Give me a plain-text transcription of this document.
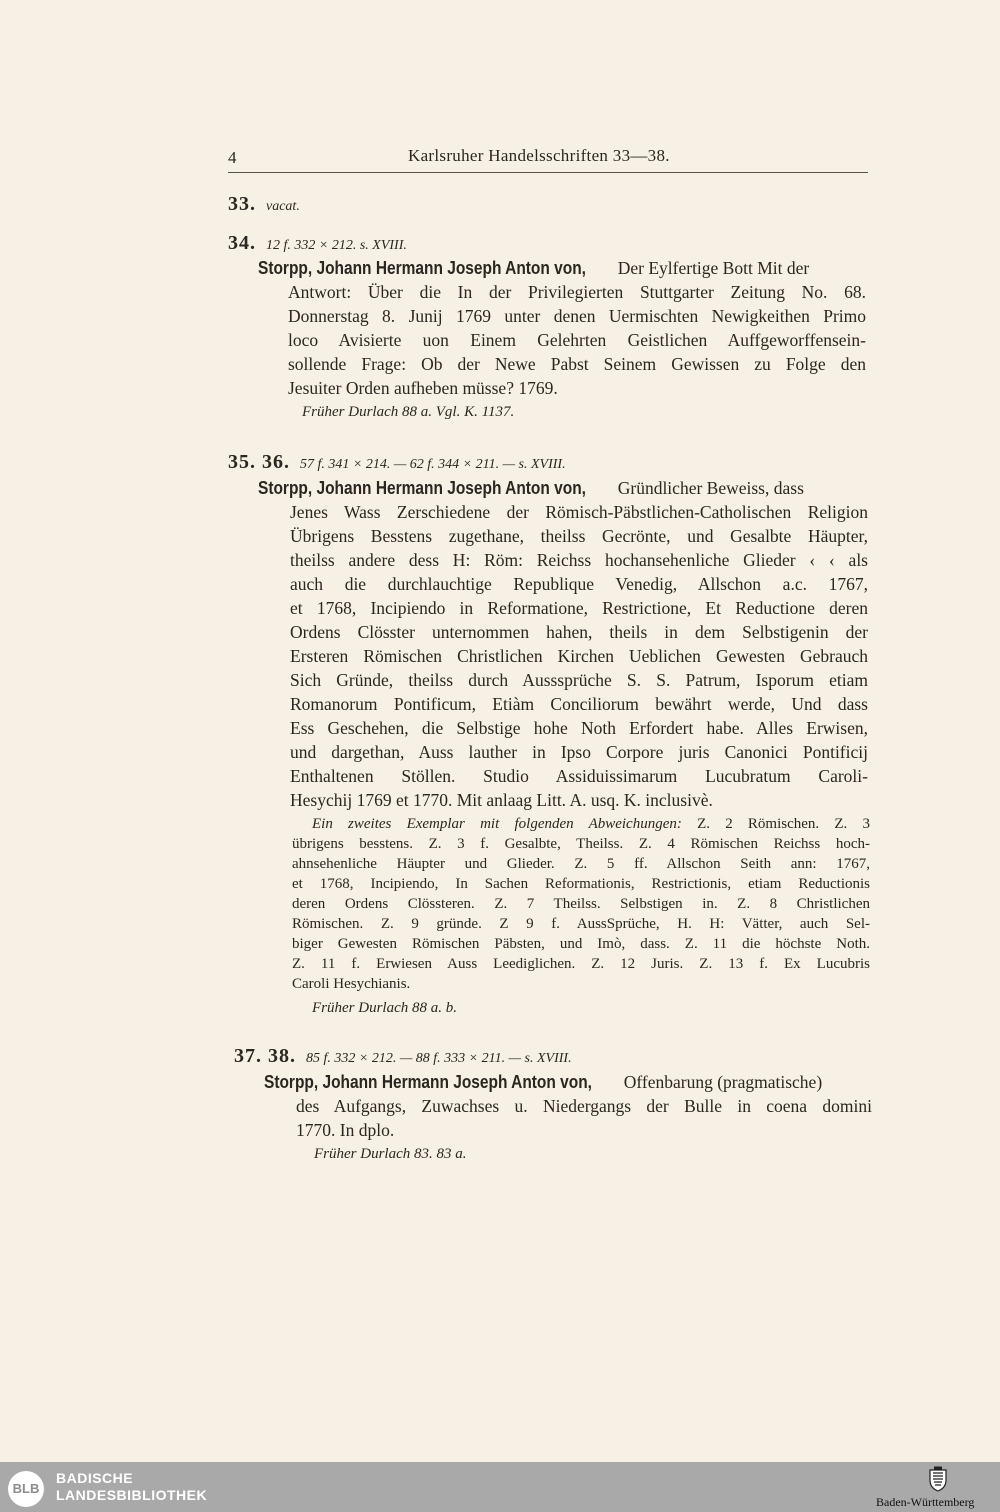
4	Karlsruher Handelsschriften 33—38.
33. vacat.
34. 12 f. 332 × 212. s. XVIII.
Storpp, Johann Hermann Joseph Anton von, Der Eylfertige Bott Mit der
Antwort: Über die In der Privilegierten Stuttgarter Zeitung No. 68.
Donnerstag 8. Junij 1769 unter denen Uermischten Newigkeithen Primo
loco Avisierte uon Einem Gelehrten Geistlichen Auffgeworffensein-
sollende Frage: Ob der Newe Pabst Seinem Gewissen zu Folge den
Jesuiter Orden aufheben müsse? 1769.
Früher Durlach 88 a. Vgl. K. 1137.
35. 36. 57 f. 341 × 214. — 62 f. 344 × 211. — s. XVIII.
Storpp, Johann Hermann Joseph Anton von, Gründlicher Beweiss, dass
Jenes Wass Zerschiedene der Römisch-Päbstlichen-Catholischen Religion
Übrigens Besstens zugethane, theilss Gecrönte, und Gesalbte Häupter,
theilss andere dess H: Röm: Reichss hochansehenliche Glieder ‹ ‹ als
auch die durchlauchtige Republique Venedig, Allschon a.c. 1767,
et 1768, Incipiendo in Reformatione, Restrictione, Et Reductione deren
Ordens Clösster unternommen hahen, theils in dem Selbstigenin der
Ersteren Römischen Christlichen Kirchen Ueblichen Gewesten Gebrauch
Sich Gründe, theilss durch Ausssprüche S. S. Patrum, Isporum etiam
Romanorum Pontificum, Etiàm Conciliorum bewährt werde, Und dass
Ess Geschehen, die Selbstige hohe Noth Erfordert habe. Alles Erwisen,
und dargethan, Auss lauther in Ipso Corpore juris Canonici Pontificij
Enthaltenen Stöllen. Studio Assiduissimarum Lucubratum Caroli-
Hesychij 1769 et 1770. Mit anlaag Litt. A. usq. K. inclusivè.
Ein zweites Exemplar mit folgenden Abweichungen: Z. 2 Römischen. Z. 3
übrigens besstens. Z. 3 f. Gesalbte, Theilss. Z. 4 Römischen Reichss hoch-
ahnsehenliche Häupter und Glieder. Z. 5 ff. Allschon Seith ann: 1767,
et 1768, Incipiendo, In Sachen Reformationis, Restrictionis, etiam Reductionis
deren Ordens Clössteren. Z. 7 Theilss. Selbstigen in. Z. 8 Christlichen
Römischen. Z. 9 gründe. Z 9 f. AussSprüche, H. H: Vätter, auch Sel-
biger Gewesten Römischen Päbsten, und Imò, dass. Z. 11 die höchste Noth.
Z. 11 f. Erwiesen Auss Leediglichen. Z. 12 Juris. Z. 13 f. Ex Lucubris
Caroli Hesychianis.
Früher Durlach 88 a. b.
37. 38. 85 f. 332 × 212. — 88 f. 333 × 211. — s. XVIII.
Storpp, Johann Hermann Joseph Anton von, Offenbarung (pragmatische)
des Aufgangs, Zuwachses u. Niedergangs der Bulle in coena domini
1770. In dplo.
Früher Durlach 83. 83 a.
BLB
BADISCHE
LANDESBIBLIOTHEK	Baden-Württemberg
